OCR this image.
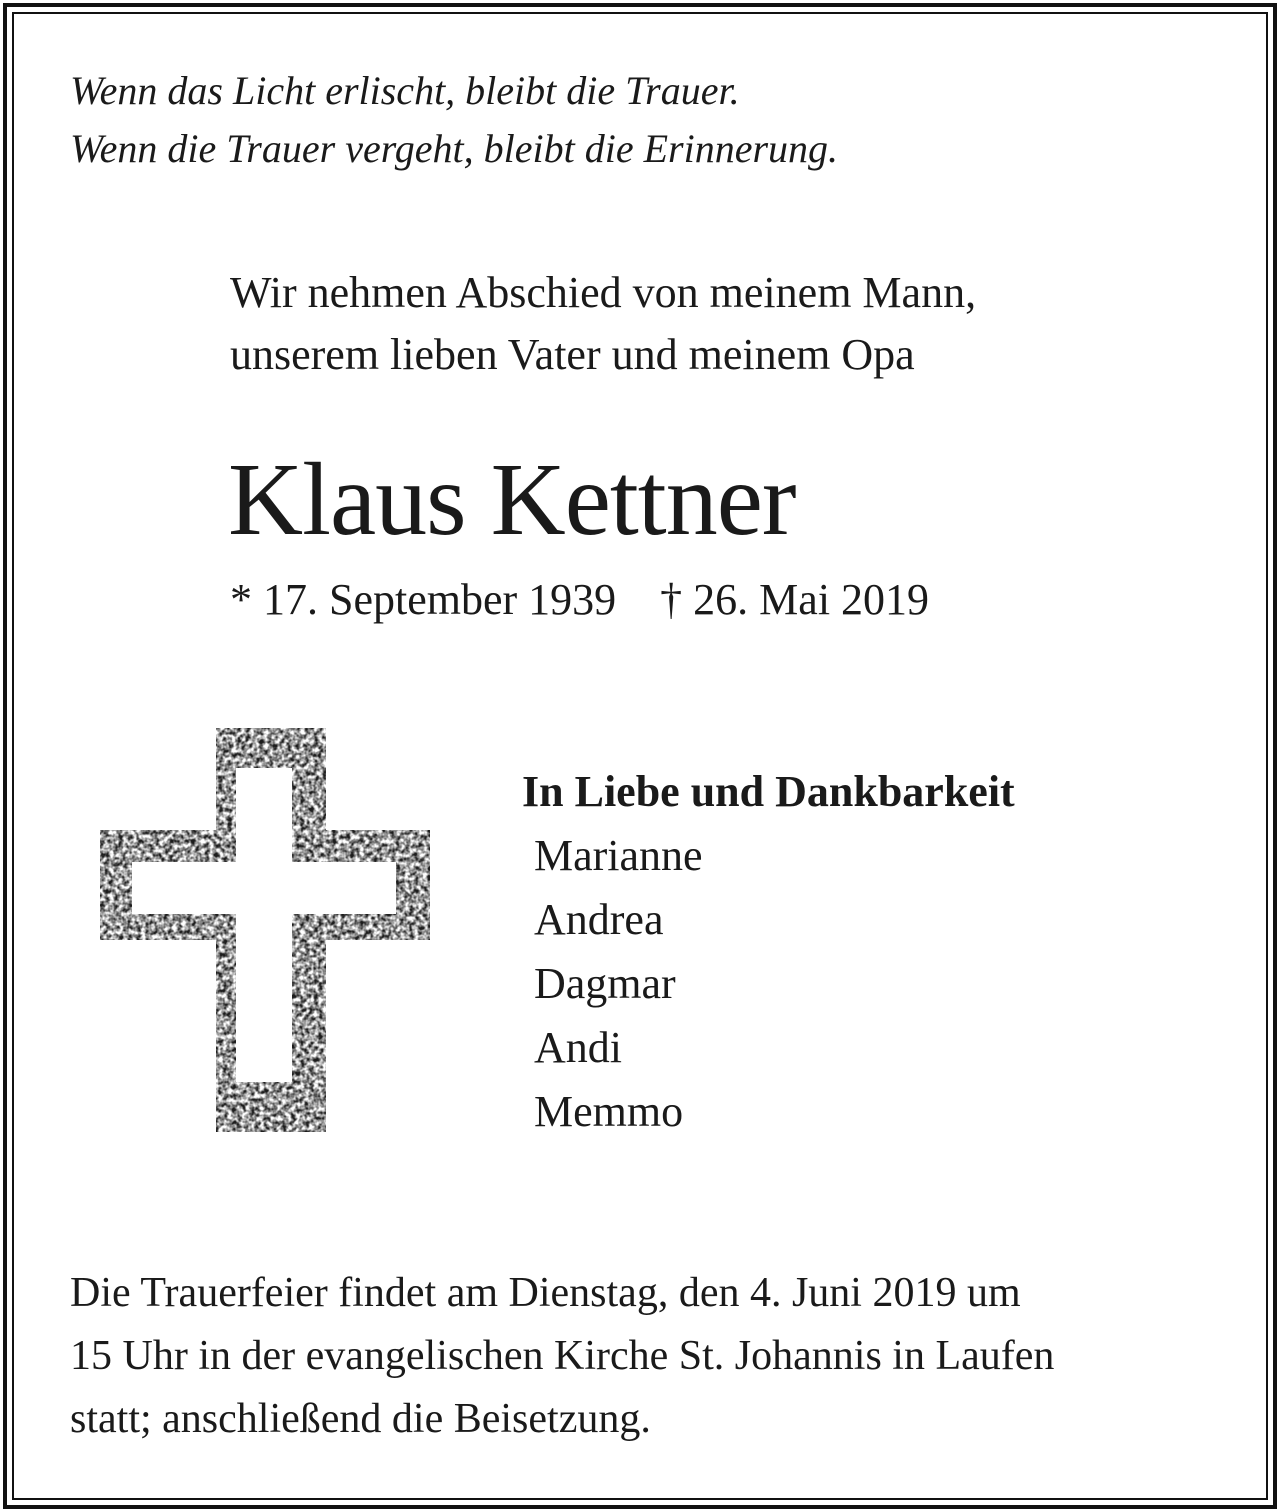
Wenn das Licht erlischt, bleibt die Trauer.
Wenn die Trauer vergeht, bleibt die Erinnerung.
Wir nehmen Abschied von meinem Mann,
unserem lieben Vater und meinem Opa
Klaus Kettner
* 17. September 1939 † 26. Mai 2019
In Liebe und Dankbarkeit
Marianne
Andrea
Dagmar
Andi
Memmo
Die Trauerfeier findet am Dienstag, den 4. Juni 2019 um
15 Uhr in der evangelischen Kirche St. Johannis in Laufen
statt; anschließend die Beisetzung.
